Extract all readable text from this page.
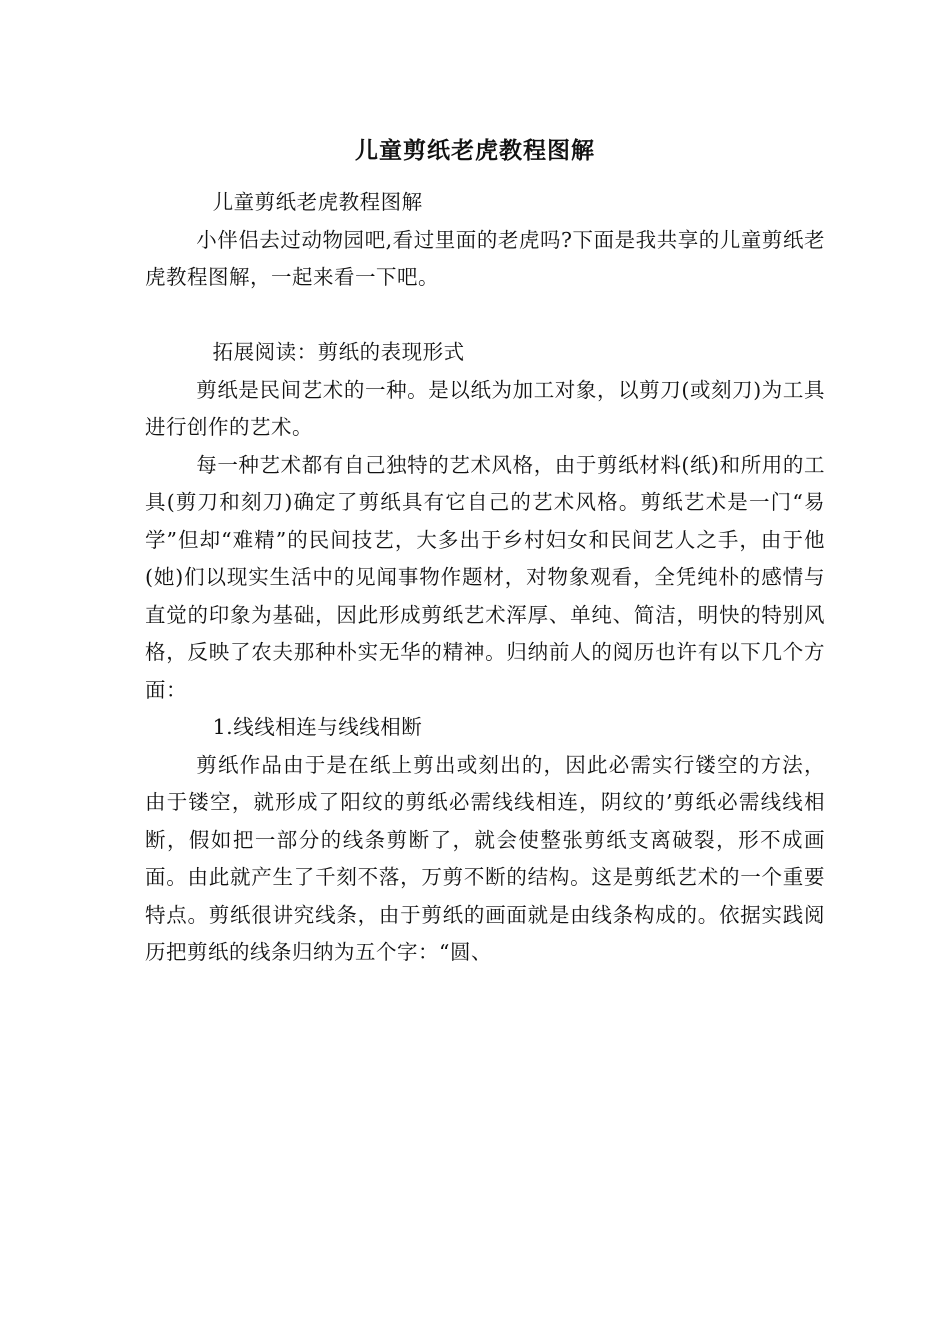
儿童剪纸老虎教程图解

儿童剪纸老虎教程图解

小伴侣去过动物园吧,看过里面的老虎吗?下面是我共享的儿童剪纸老虎教程图解，一起来看一下吧。

拓展阅读：剪纸的表现形式

剪纸是民间艺术的一种。是以纸为加工对象，以剪刀(或刻刀)为工具进行创作的艺术。

每一种艺术都有自己独特的艺术风格，由于剪纸材料(纸)和所用的工具(剪刀和刻刀)确定了剪纸具有它自己的艺术风格。剪纸艺术是一门“易学”但却“难精”的民间技艺，大多出于乡村妇女和民间艺人之手，由于他(她)们以现实生活中的见闻事物作题材，对物象观看，全凭纯朴的感情与直觉的印象为基础，因此形成剪纸艺术浑厚、单纯、简洁，明快的特别风格，反映了农夫那种朴实无华的精神。归纳前人的阅历也许有以下几个方面：

1.线线相连与线线相断

剪纸作品由于是在纸上剪出或刻出的，因此必需实行镂空的方法，由于镂空，就形成了阳纹的剪纸必需线线相连，阴纹的’剪纸必需线线相断，假如把一部分的线条剪断了，就会使整张剪纸支离破裂，形不成画面。由此就产生了千刻不落，万剪不断的结构。这是剪纸艺术的一个重要特点。剪纸很讲究线条，由于剪纸的画面就是由线条构成的。依据实践阅历把剪纸的线条归纳为五个字：“圆、
